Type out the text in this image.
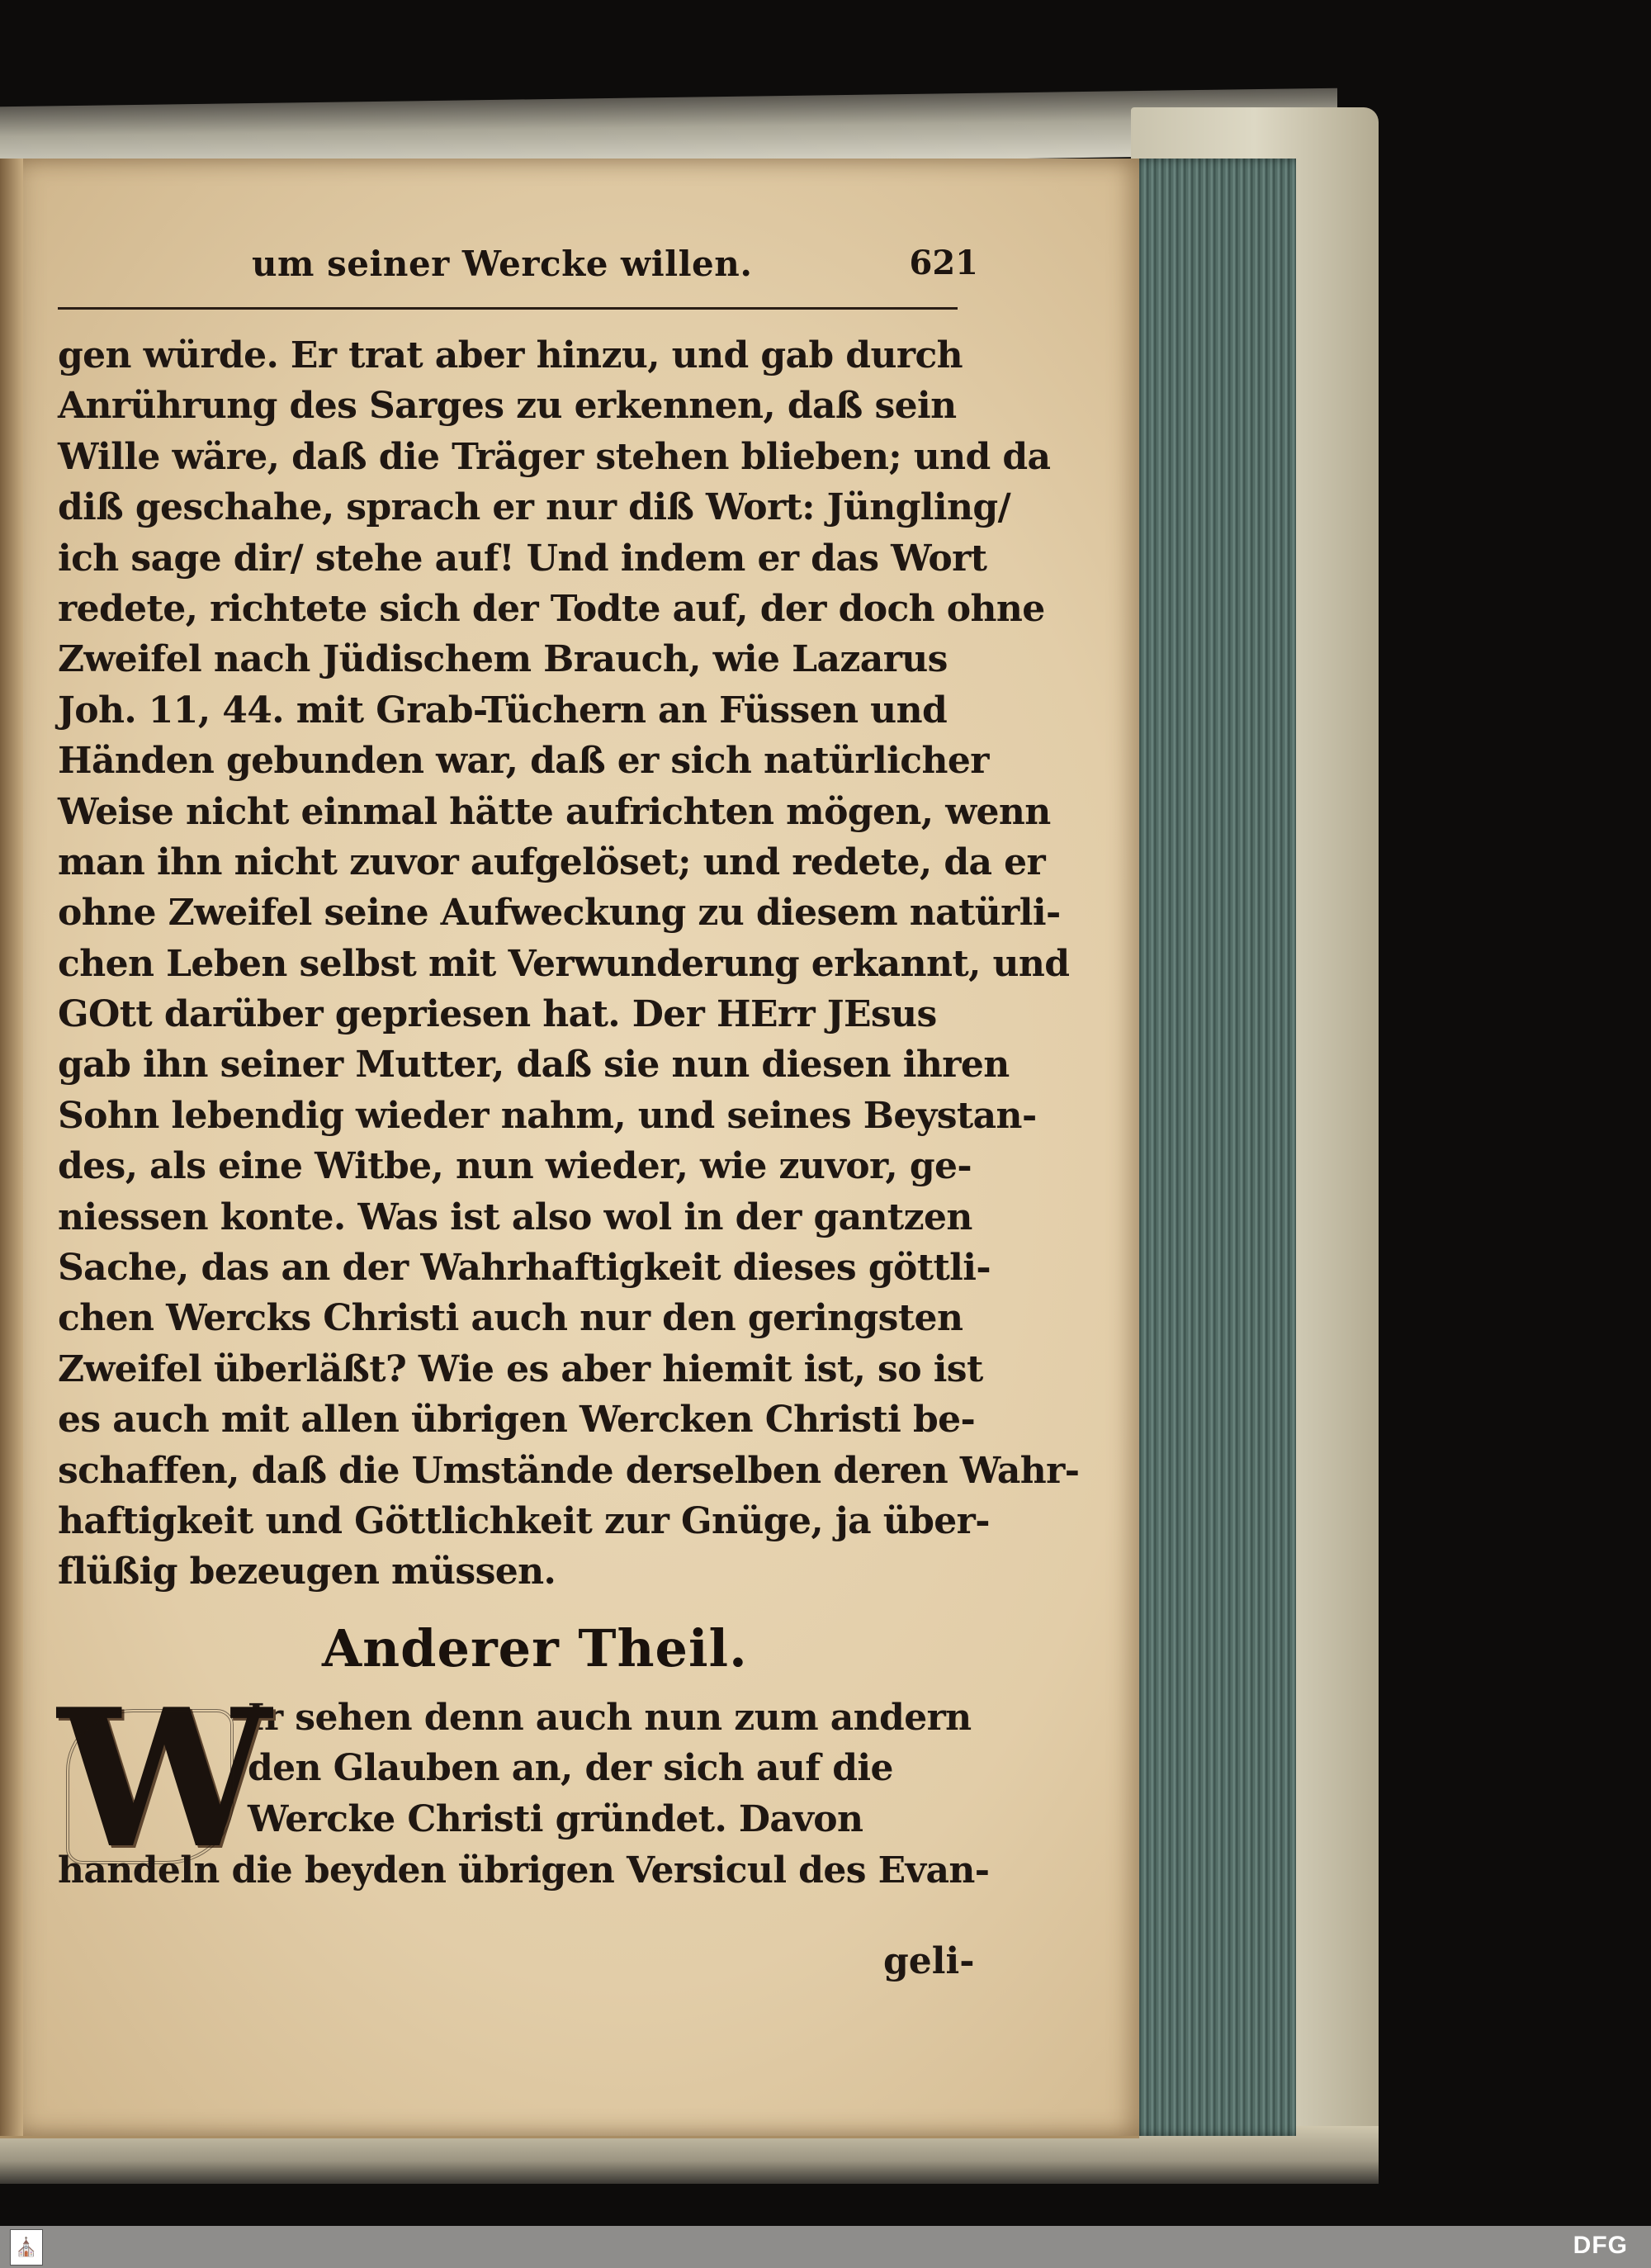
um seiner Wercke willen.	621
gen würde. Er trat aber hinzu, und gab durch
Anrührung des Sarges zu erkennen, daß sein
Wille wäre, daß die Träger stehen blieben; und da
diß geschahe, sprach er nur diß Wort: Jüngling/
ich sage dir/ stehe auf! Und indem er das Wort
redete, richtete sich der Todte auf, der doch ohne
Zweifel nach Jüdischem Brauch, wie Lazarus
Joh. 11, 44. mit Grab-Tüchern an Füssen und
Händen gebunden war, daß er sich natürlicher
Weise nicht einmal hätte aufrichten mögen, wenn
man ihn nicht zuvor aufgelöset; und redete, da er
ohne Zweifel seine Aufweckung zu diesem natürli-
chen Leben selbst mit Verwunderung erkannt, und
GOtt darüber gepriesen hat. Der HErr JEsus
gab ihn seiner Mutter, daß sie nun diesen ihren
Sohn lebendig wieder nahm, und seines Beystan-
des, als eine Witbe, nun wieder, wie zuvor, ge-
niessen konte. Was ist also wol in der gantzen
Sache, das an der Wahrhaftigkeit dieses göttli-
chen Wercks Christi auch nur den geringsten
Zweifel überläßt? Wie es aber hiemit ist, so ist
es auch mit allen übrigen Wercken Christi be-
schaffen, daß die Umstände derselben deren Wahr-
haftigkeit und Göttlichkeit zur Gnüge, ja über-
flüßig bezeugen müssen.
Anderer Theil.
W
Ir sehen denn auch nun zum andern
den Glauben an, der sich auf die
Wercke Christi gründet. Davon
handeln die beyden übrigen Versicul des Evan-
geli-
⛪	DFG
